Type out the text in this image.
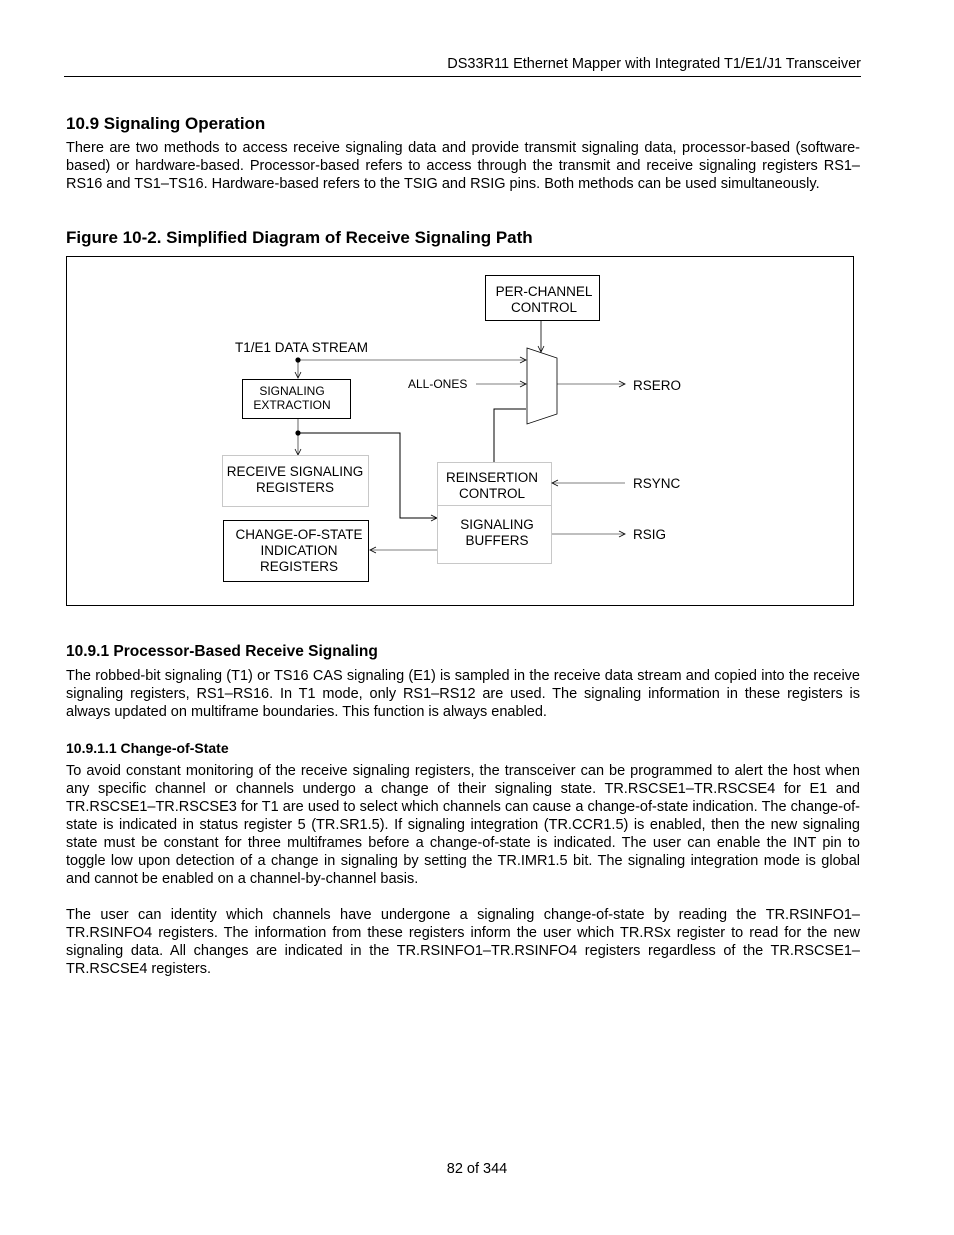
DS33R11 Ethernet Mapper with Integrated T1/E1/J1 Transceiver
10.9 Signaling Operation
There are two methods to access receive signaling data and provide transmit signaling data, processor-based (software-based) or hardware-based. Processor-based refers to access through the transmit and receive signaling registers RS1–RS16 and TS1–TS16. Hardware-based refers to the TSIG and RSIG pins. Both methods can be used simultaneously.
Figure 10-2. Simplified Diagram of Receive Signaling Path
PER-CHANNEL
CONTROL
T1/E1 DATA STREAM
ALL-ONES	RSERO
SIGNALING
EXTRACTION
RECEIVE SIGNALING
REGISTERS
CHANGE-OF-STATE
INDICATION
REGISTERS
REINSERTION
CONTROL
SIGNALING
BUFFERS
RSYNC
RSIG
10.9.1 Processor-Based Receive Signaling
The robbed-bit signaling (T1) or TS16 CAS signaling (E1) is sampled in the receive data stream and copied into the receive signaling registers, RS1–RS16. In T1 mode, only RS1–RS12 are used. The signaling information in these registers is always updated on multiframe boundaries. This function is always enabled.
10.9.1.1 Change-of-State
To avoid constant monitoring of the receive signaling registers, the transceiver can be programmed to alert the host when any specific channel or channels undergo a change of their signaling state. TR.RSCSE1–TR.RSCSE4 for E1 and TR.RSCSE1–TR.RSCSE3 for T1 are used to select which channels can cause a change-of-state indication. The change-of-state is indicated in status register 5 (TR.SR1.5). If signaling integration (TR.CCR1.5) is enabled, then the new signaling state must be constant for three multiframes before a change-of-state is indicated. The user can enable the INT pin to toggle low upon detection of a change in signaling by setting the TR.IMR1.5 bit. The signaling integration mode is global and cannot be enabled on a channel-by-channel basis.
The user can identity which channels have undergone a signaling change-of-state by reading the TR.RSINFO1–TR.RSINFO4 registers. The information from these registers inform the user which TR.RSx register to read for the new signaling data. All changes are indicated in the TR.RSINFO1–TR.RSINFO4 registers regardless of the TR.RSCSE1–TR.RSCSE4 registers.
82 of 344
